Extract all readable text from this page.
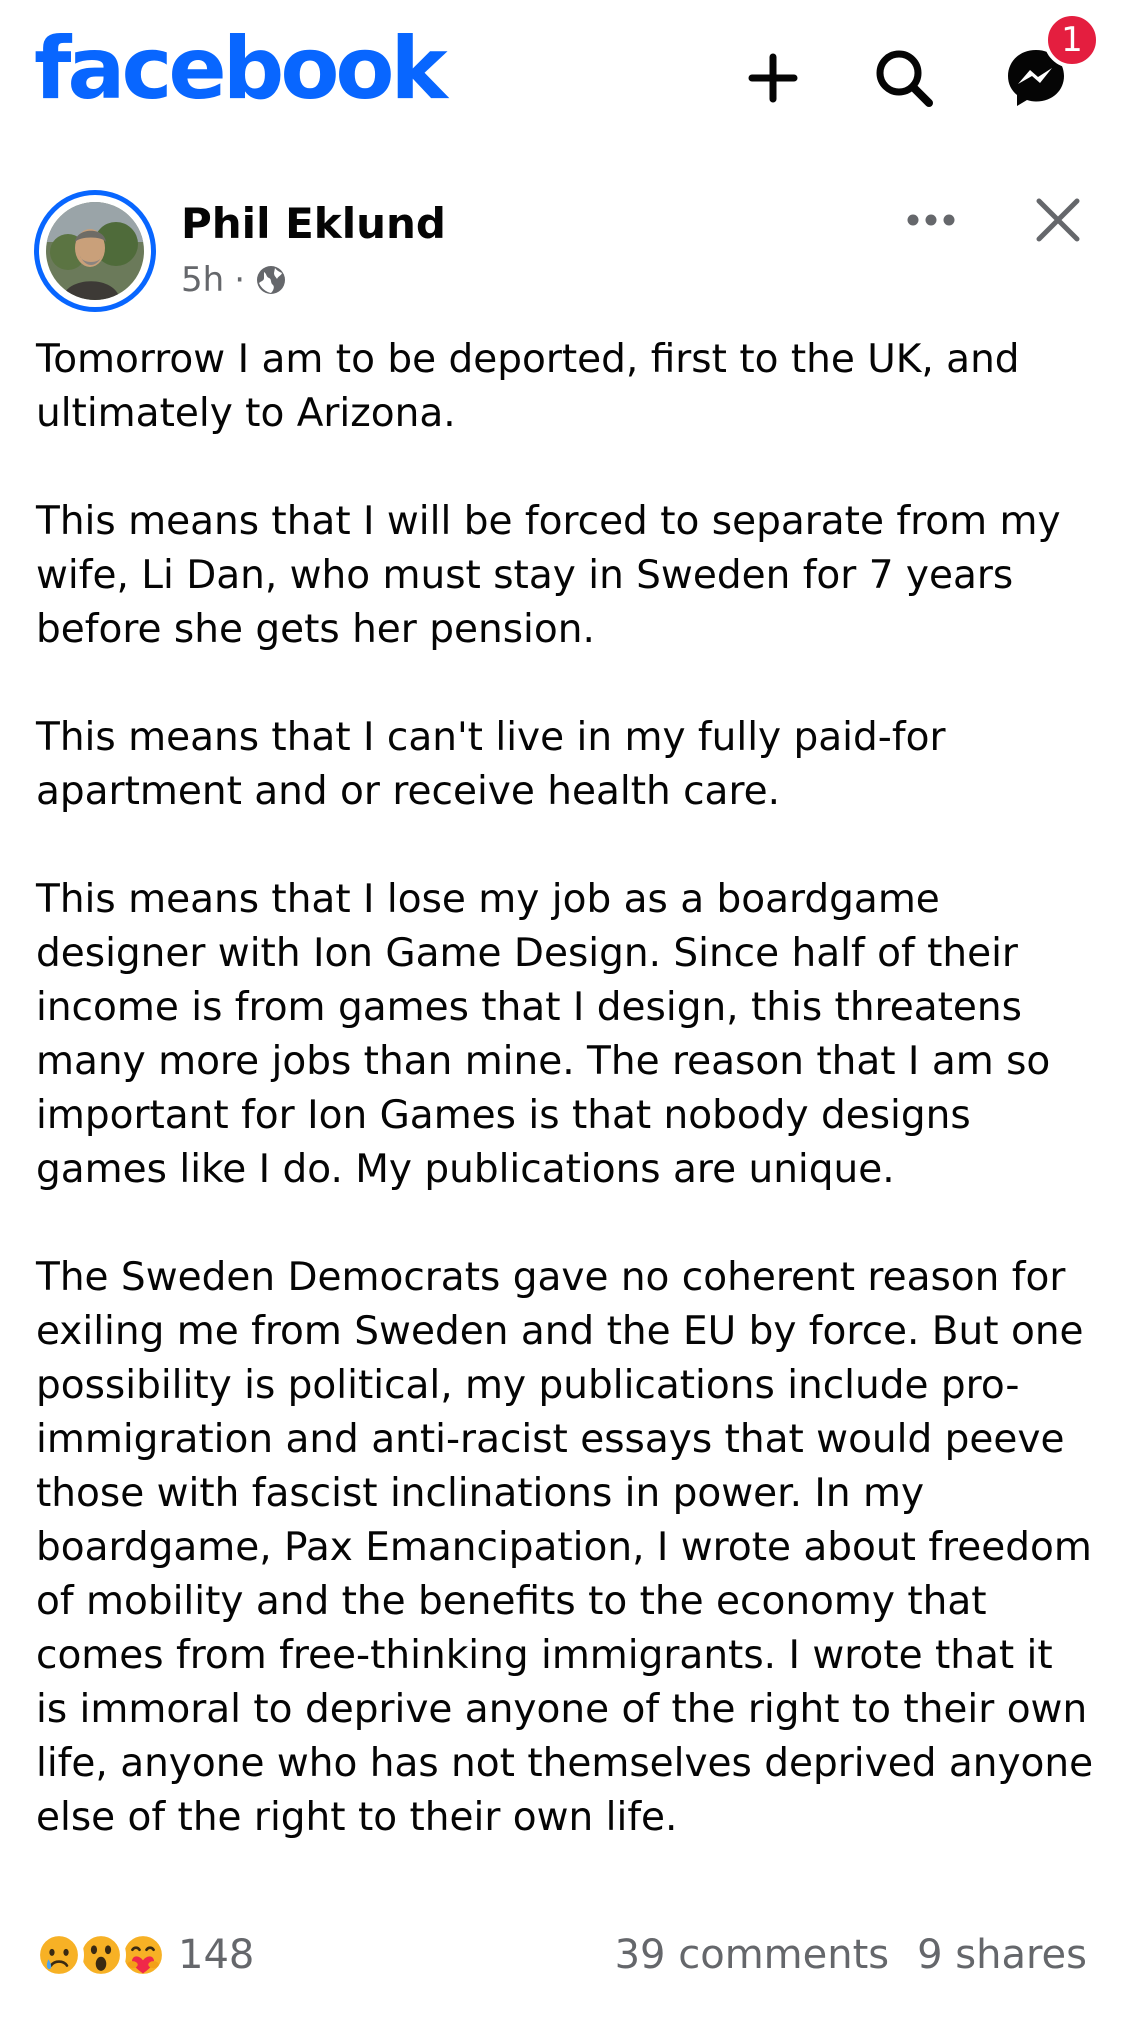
facebook	1
Phil Eklund
5h ·

Tomorrow I am to be deported, first to the UK, and ultimately to Arizona.

This means that I will be forced to separate from my wife, Li Dan, who must stay in Sweden for 7 years before she gets her pension.

This means that I can't live in my fully paid-for apartment and or receive health care.

This means that I lose my job as a boardgame designer with Ion Game Design. Since half of their income is from games that I design, this threatens many more jobs than mine. The reason that I am so important for Ion Games is that nobody designs games like I do. My publications are unique.

The Sweden Democrats gave no coherent reason for exiling me from Sweden and the EU by force. But one possibility is political, my publications include pro-immigration and anti-racist essays that would peeve those with fascist inclinations in power. In my boardgame, Pax Emancipation, I wrote about freedom of mobility and the benefits to the economy that comes from free-thinking immigrants. I wrote that it is immoral to deprive anyone of the right to their own life, anyone who has not themselves deprived anyone else of the right to their own life.

148	39 comments 9 shares
